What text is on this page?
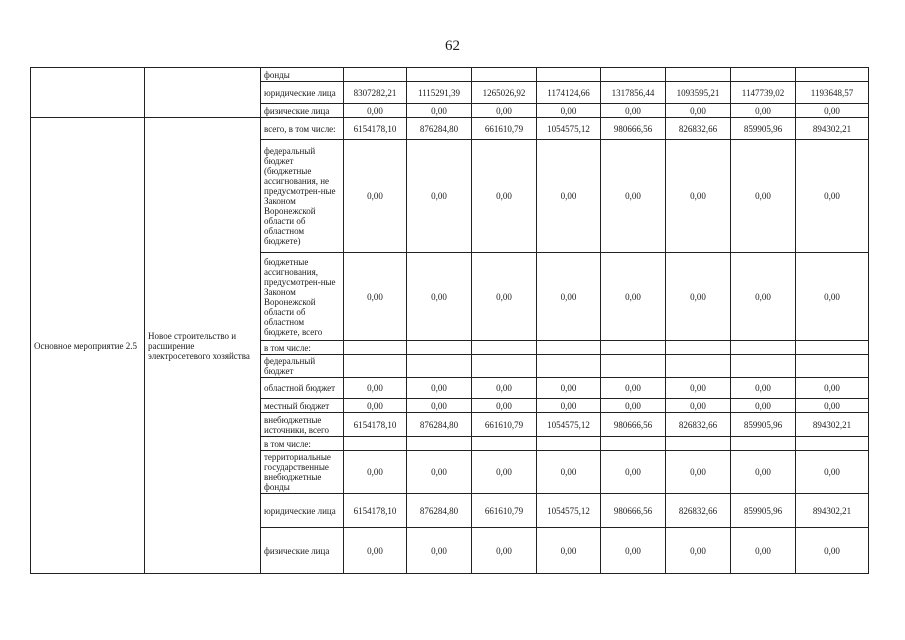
62
		фонды								
		юридические лица	8307282,21	1115291,39	1265026,92	1174124,66	1317856,44	1093595,21	1147739,02	1193648,57
		физические лица	0,00	0,00	0,00	0,00	0,00	0,00	0,00	0,00
Основное мероприятие 2.5	Новое строительство и расширение электросетевого хозяйства	всего, в том числе:	6154178,10	876284,80	661610,79	1054575,12	980666,56	826832,66	859905,96	894302,21
		федеральный бюджет (бюджетные ассигнования, не предусмотрен-ные Законом Воронежской области об областном бюджете)	0,00	0,00	0,00	0,00	0,00	0,00	0,00	0,00
		бюджетные ассигнования, предусмотрен-ные Законом Воронежской области об областном бюджете, всего	0,00	0,00	0,00	0,00	0,00	0,00	0,00	0,00
		в том числе:								
		федеральный бюджет								
		областной бюджет	0,00	0,00	0,00	0,00	0,00	0,00	0,00	0,00
		местный бюджет	0,00	0,00	0,00	0,00	0,00	0,00	0,00	0,00
		внебюджетные источники, всего	6154178,10	876284,80	661610,79	1054575,12	980666,56	826832,66	859905,96	894302,21
		в том числе:								
		территориальные государственные внебюджетные фонды	0,00	0,00	0,00	0,00	0,00	0,00	0,00	0,00
		юридические лица	6154178,10	876284,80	661610,79	1054575,12	980666,56	826832,66	859905,96	894302,21
		физические лица	0,00	0,00	0,00	0,00	0,00	0,00	0,00	0,00
